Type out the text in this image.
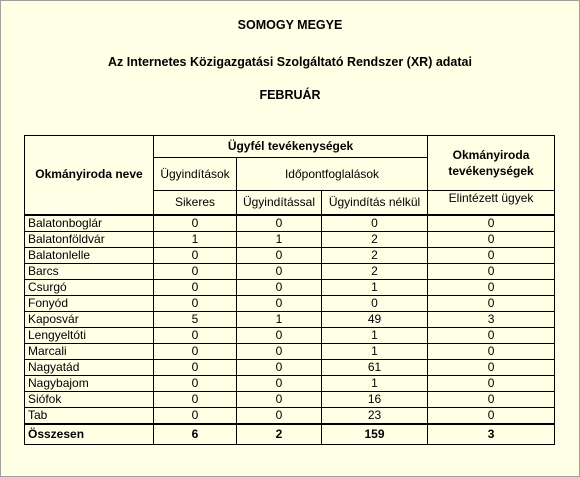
SOMOGY MEGYE
Az Internetes Közigazgatási Szolgáltató Rendszer (XR) adatai
FEBRUÁR
Okmányiroda neve	Ügyfél tevékenységek			Okmányiroda tevékenységek
	Ügyindítások	Időpontfoglalások		
	Sikeres	Ügyindítással	Ügyindítás nélkül	Elintézett ügyek
Balatonboglár	0	0	0	0
Balatonföldvár	1	1	2	0
Balatonlelle	0	0	2	0
Barcs	0	0	2	0
Csurgó	0	0	1	0
Fonyód	0	0	0	0
Kaposvár	5	1	49	3
Lengyeltóti	0	0	1	0
Marcali	0	0	1	0
Nagyatád	0	0	61	0
Nagybajom	0	0	1	0
Siófok	0	0	16	0
Tab	0	0	23	0
Összesen	6	2	159	3
